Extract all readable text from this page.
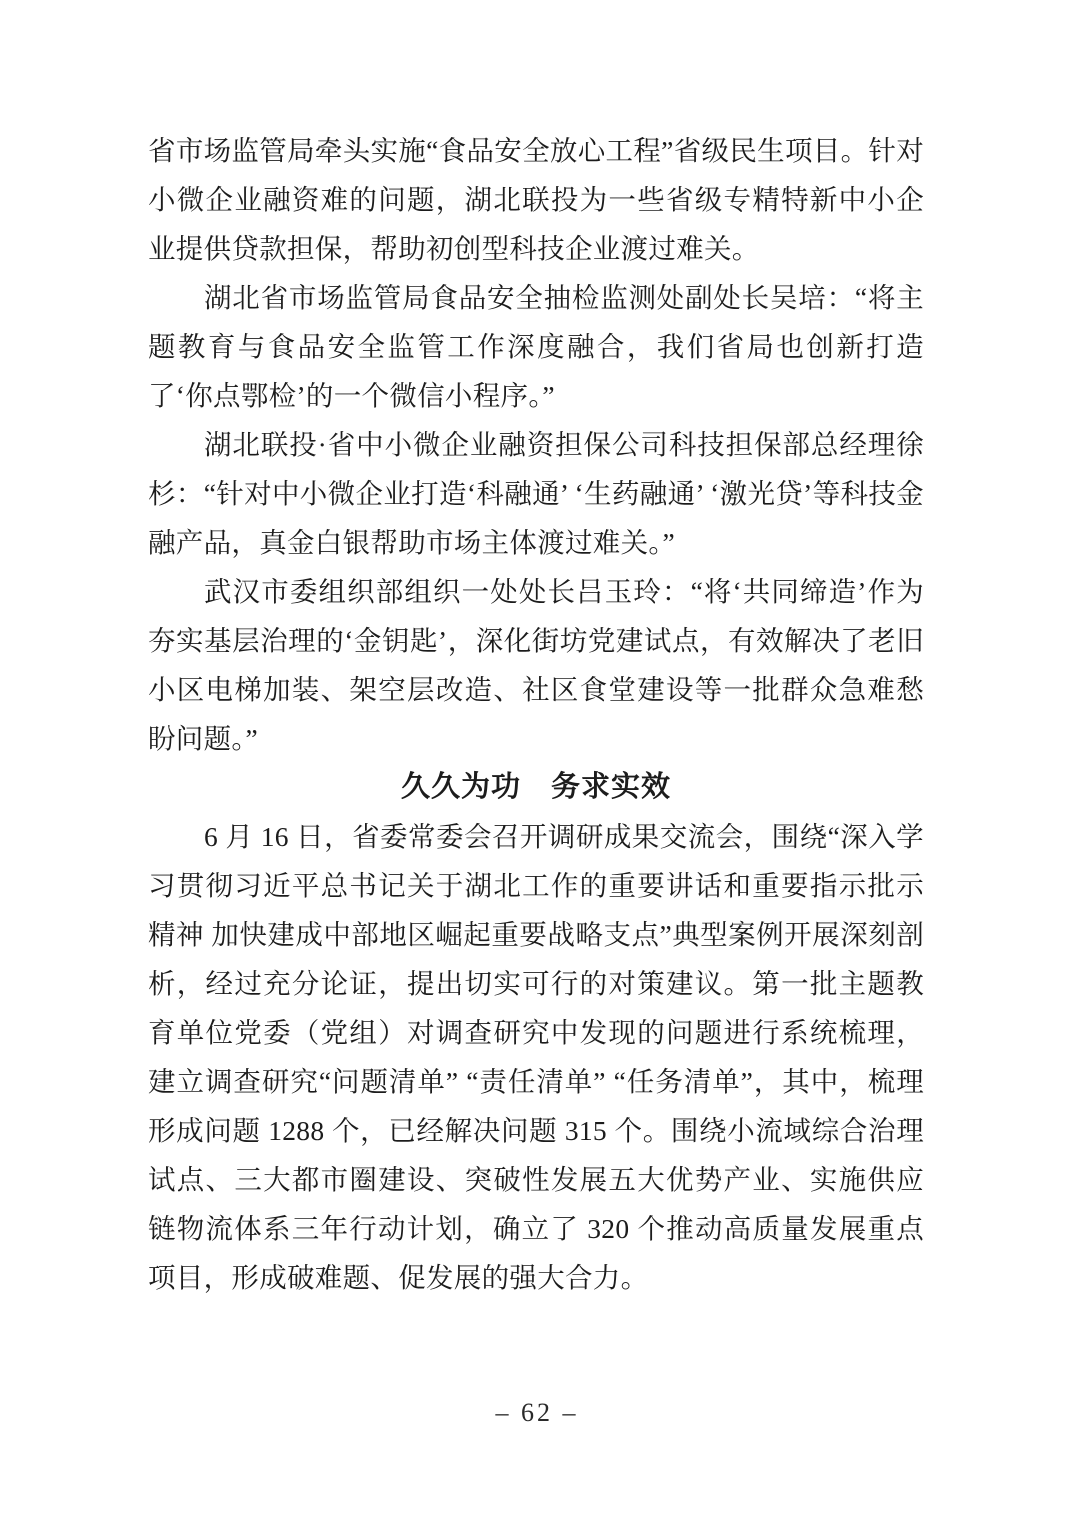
省市场监管局牵头实施“食品安全放心工程”省级民生项目。针对小微企业融资难的问题，湖北联投为一些省级专精特新中小企业提供贷款担保，帮助初创型科技企业渡过难关。

湖北省市场监管局食品安全抽检监测处副处长吴培：“将主题教育与食品安全监管工作深度融合，我们省局也创新打造了‘你点鄂检’的一个微信小程序。”

湖北联投·省中小微企业融资担保公司科技担保部总经理徐杉：“针对中小微企业打造‘科融通’ ‘生药融通’ ‘激光贷’等科技金融产品，真金白银帮助市场主体渡过难关。”

武汉市委组织部组织一处处长吕玉玲：“将‘共同缔造’作为夯实基层治理的‘金钥匙’，深化街坊党建试点，有效解决了老旧小区电梯加装、架空层改造、社区食堂建设等一批群众急难愁盼问题。”

久久为功　务求实效

6 月 16 日，省委常委会召开调研成果交流会，围绕“深入学习贯彻习近平总书记关于湖北工作的重要讲话和重要指示批示精神 加快建成中部地区崛起重要战略支点”典型案例开展深刻剖析，经过充分论证，提出切实可行的对策建议。第一批主题教育单位党委（党组）对调查研究中发现的问题进行系统梳理，建立调查研究“问题清单” “责任清单” “任务清单”，其中，梳理形成问题 1288 个，已经解决问题 315 个。围绕小流域综合治理试点、三大都市圈建设、突破性发展五大优势产业、实施供应链物流体系三年行动计划，确立了 320 个推动高质量发展重点项目，形成破难题、促发展的强大合力。

– 62 –
